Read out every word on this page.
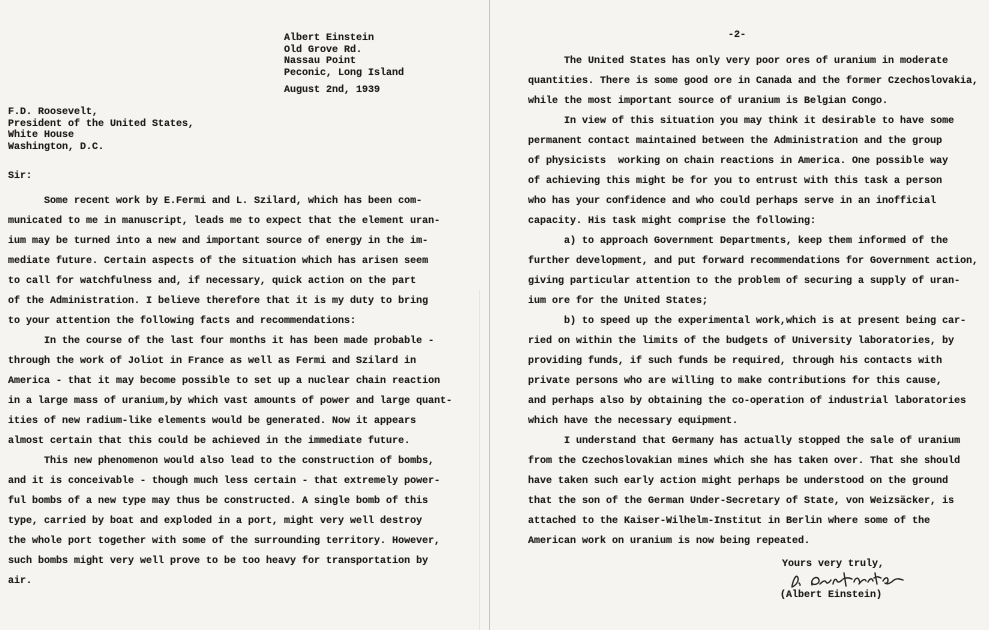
Albert Einstein
Old Grove Rd.
Nassau Point
Peconic, Long Island
August 2nd, 1939
F.D. Roosevelt,
President of the United States,
White House
Washington, D.C.
Sir:
Some recent work by E.Fermi and L. Szilard, which has been com-
municated to me in manuscript, leads me to expect that the element uran-
ium may be turned into a new and important source of energy in the im-
mediate future. Certain aspects of the situation which has arisen seem
to call for watchfulness and, if necessary, quick action on the part
of the Administration. I believe therefore that it is my duty to bring
to your attention the following facts and recommendations:
In the course of the last four months it has been made probable -
through the work of Joliot in France as well as Fermi and Szilard in
America - that it may become possible to set up a nuclear chain reaction
in a large mass of uranium,by which vast amounts of power and large quant-
ities of new radium-like elements would be generated. Now it appears
almost certain that this could be achieved in the immediate future.
This new phenomenon would also lead to the construction of bombs,
and it is conceivable - though much less certain - that extremely power-
ful bombs of a new type may thus be constructed. A single bomb of this
type, carried by boat and exploded in a port, might very well destroy
the whole port together with some of the surrounding territory. However,
such bombs might very well prove to be too heavy for transportation by
air.
-2-
The United States has only very poor ores of uranium in moderate
quantities. There is some good ore in Canada and the former Czechoslovakia,
while the most important source of uranium is Belgian Congo.
In view of this situation you may think it desirable to have some
permanent contact maintained between the Administration and the group
of physicists  working on chain reactions in America. One possible way
of achieving this might be for you to entrust with this task a person
who has your confidence and who could perhaps serve in an inofficial
capacity. His task might comprise the following:
a) to approach Government Departments, keep them informed of the
further development, and put forward recommendations for Government action,
giving particular attention to the problem of securing a supply of uran-
ium ore for the United States;
b) to speed up the experimental work,which is at present being car-
ried on within the limits of the budgets of University laboratories, by
providing funds, if such funds be required, through his contacts with
private persons who are willing to make contributions for this cause,
and perhaps also by obtaining the co-operation of industrial laboratories
which have the necessary equipment.
I understand that Germany has actually stopped the sale of uranium
from the Czechoslovakian mines which she has taken over. That she should
have taken such early action might perhaps be understood on the ground
that the son of the German Under-Secretary of State, von Weizsäcker, is
attached to the Kaiser-Wilhelm-Institut in Berlin where some of the
American work on uranium is now being repeated.
Yours very truly,
(Albert Einstein)
